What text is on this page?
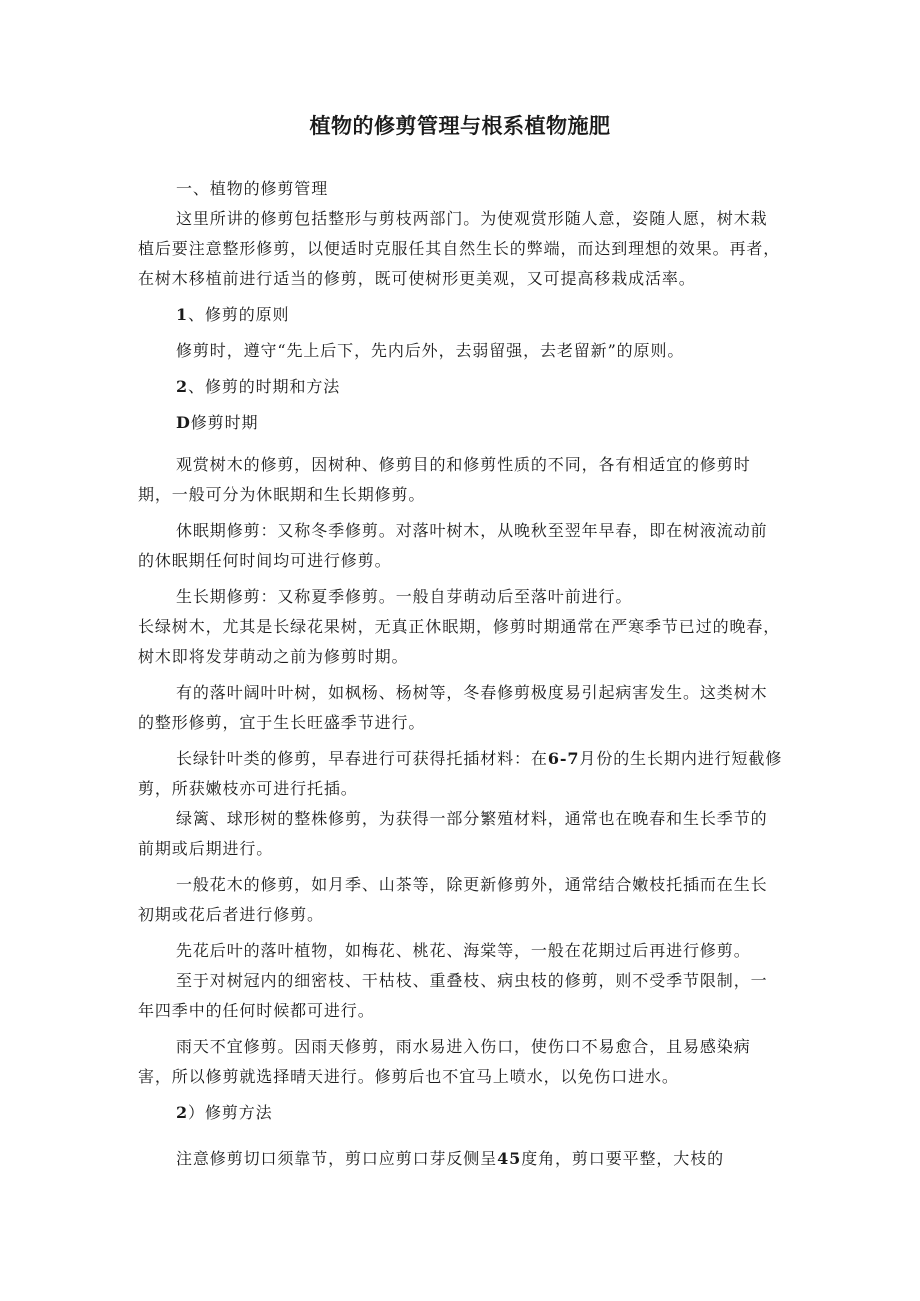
植物的修剪管理与根系植物施肥

一、植物的修剪管理

这里所讲的修剪包括整形与剪枝两部门。为使观赏形随人意，姿随人愿，树木栽植后要注意整形修剪，以便适时克服任其自然生长的弊端，而达到理想的效果。再者，在树木移植前进行适当的修剪，既可使树形更美观，又可提高移栽成活率。

1、修剪的原则

修剪时，遵守“先上后下，先内后外，去弱留强，去老留新”的原则。

2、修剪的时期和方法

D修剪时期

观赏树木的修剪，因树种、修剪目的和修剪性质的不同，各有相适宜的修剪时期，一般可分为休眠期和生长期修剪。

休眠期修剪：又称冬季修剪。对落叶树木，从晚秋至翌年早春，即在树液流动前的休眠期任何时间均可进行修剪。

生长期修剪：又称夏季修剪。一般自芽萌动后至落叶前进行。

长绿树木，尤其是长绿花果树，无真正休眠期，修剪时期通常在严寒季节已过的晚春，树木即将发芽萌动之前为修剪时期。

有的落叶阔叶叶树，如枫杨、杨树等，冬春修剪极度易引起病害发生。这类树木的整形修剪，宜于生长旺盛季节进行。

长绿针叶类的修剪，早春进行可获得托插材料：在6-7月份的生长期内进行短截修剪，所获嫩枝亦可进行托插。

绿篱、球形树的整株修剪，为获得一部分繁殖材料，通常也在晚春和生长季节的前期或后期进行。

一般花木的修剪，如月季、山茶等，除更新修剪外，通常结合嫩枝托插而在生长初期或花后者进行修剪。

先花后叶的落叶植物，如梅花、桃花、海棠等，一般在花期过后再进行修剪。

至于对树冠内的细密枝、干枯枝、重叠枝、病虫枝的修剪，则不受季节限制，一年四季中的任何时候都可进行。

雨天不宜修剪。因雨天修剪，雨水易进入伤口，使伤口不易愈合，且易感染病害，所以修剪就选择晴天进行。修剪后也不宜马上喷水，以免伤口进水。

2）修剪方法

注意修剪切口须靠节，剪口应剪口芽反侧呈45度角，剪口要平整，大枝的
